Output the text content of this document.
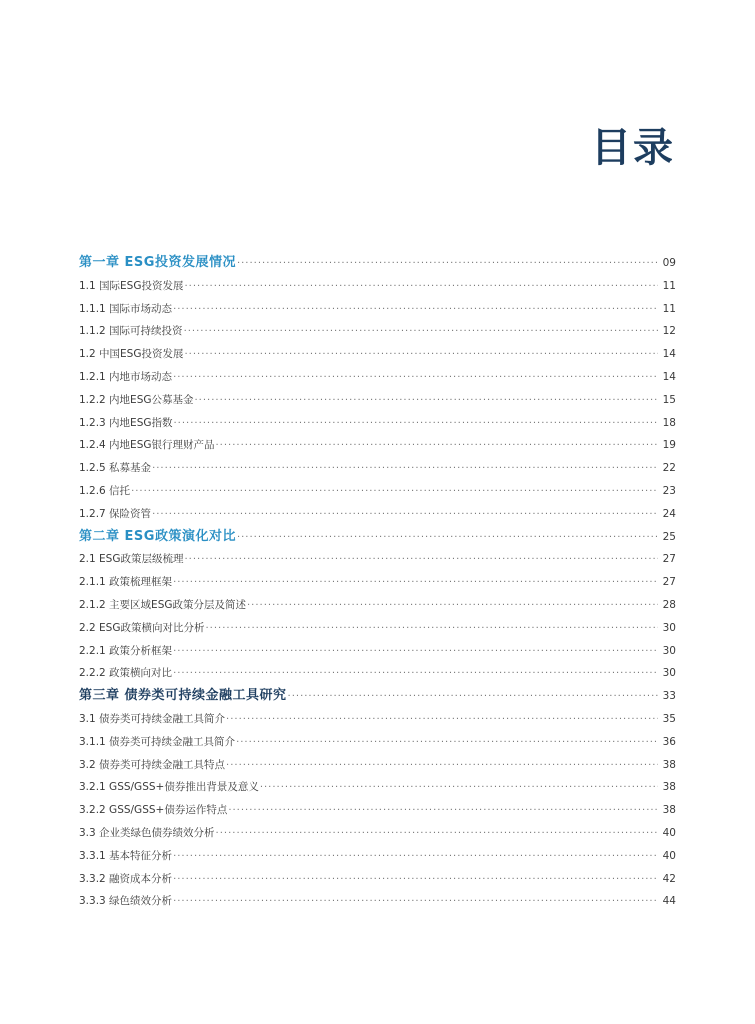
目录
第一章 ESG投资发展情况 ·····	09
1.1 国际ESG投资发展 ·····	11
1.1.1 国际市场动态 ·····	11
1.1.2 国际可持续投资 ·····	12
1.2 中国ESG投资发展 ·····	14
1.2.1 内地市场动态 ·····	14
1.2.2 内地ESG公募基金 ·····	15
1.2.3 内地ESG指数 ·····	18
1.2.4 内地ESG银行理财产品 ·····	19
1.2.5 私募基金 ·····	22
1.2.6 信托 ·····	23
1.2.7 保险资管 ·····	24
第二章 ESG政策演化对比 ·····	25
2.1 ESG政策层级梳理 ·····	27
2.1.1 政策梳理框架 ·····	27
2.1.2 主要区域ESG政策分层及简述 ·····	28
2.2 ESG政策横向对比分析 ·····	30
2.2.1 政策分析框架 ·····	30
2.2.2 政策横向对比 ·····	30
第三章 债券类可持续金融工具研究 ·····	33
3.1 债券类可持续金融工具简介 ·····	35
3.1.1 债券类可持续金融工具简介 ·····	36
3.2 债券类可持续金融工具特点 ·····	38
3.2.1 GSS/GSS+债券推出背景及意义 ·····	38
3.2.2 GSS/GSS+债券运作特点 ·····	38
3.3 企业类绿色债券绩效分析 ·····	40
3.3.1 基本特征分析 ·····	40
3.3.2 融资成本分析 ·····	42
3.3.3 绿色绩效分析 ·····	44
